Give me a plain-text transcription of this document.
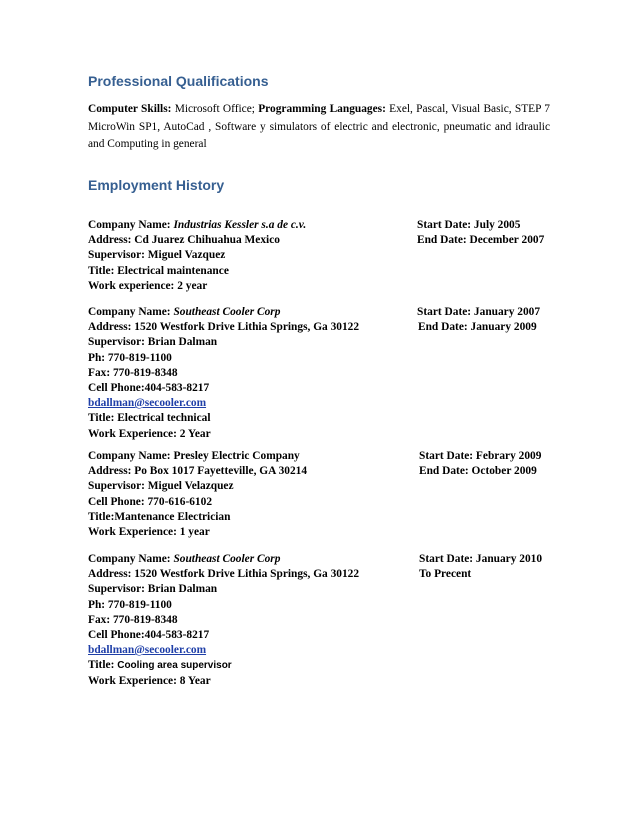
Professional Qualifications
Computer Skills: Microsoft Office; Programming Languages: Exel, Pascal, Visual Basic, STEP 7 MicroWin SP1, AutoCad , Software y simulators of electric and electronic, pneumatic and idraulic and Computing in general
Employment History
Company Name: Industrias Kessler s.a de c.v.	Start Date: July 2005
Address: Cd Juarez Chihuahua Mexico	End Date: December 2007
Supervisor: Miguel Vazquez
Title: Electrical maintenance
Work experience: 2 year
Company Name: Southeast Cooler Corp	Start Date: January 2007
Address: 1520 Westfork Drive Lithia Springs, Ga 30122	End Date: January 2009
Supervisor: Brian Dalman
Ph: 770-819-1100
Fax: 770-819-8348
Cell Phone:404-583-8217
bdallman@secooler.com
Title: Electrical technical
Work Experience: 2 Year
Company Name: Presley Electric Company	Start Date: Febrary 2009
Address: Po Box 1017 Fayetteville, GA 30214	End Date: October 2009
Supervisor: Miguel Velazquez
Cell Phone: 770-616-6102
Title:Mantenance Electrician
Work Experience: 1 year
Company Name: Southeast Cooler Corp	Start Date: January 2010
Address: 1520 Westfork Drive Lithia Springs, Ga 30122	To Precent
Supervisor: Brian Dalman
Ph: 770-819-1100
Fax: 770-819-8348
Cell Phone:404-583-8217
bdallman@secooler.com
Title: Cooling area supervisor
Work Experience: 8 Year
